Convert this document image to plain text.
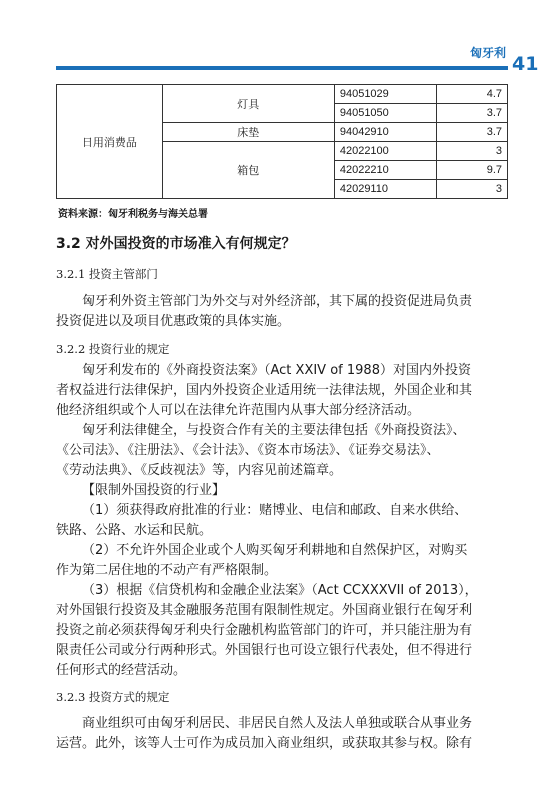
匈牙利 41
日用消费品	灯具	94051029	4.7
		94051050	3.7
	床垫	94042910	3.7
	箱包	42022100	3
		42022210	9.7
		42029110	3
资料来源：匈牙利税务与海关总署
3.2 对外国投资的市场准入有何规定？
3.2.1 投资主管部门
匈牙利外资主管部门为外交与对外经济部，其下属的投资促进局负责
投资促进以及项目优惠政策的具体实施。
3.2.2 投资行业的规定
匈牙利发布的《外商投资法案》（Act XXIV of 1988）对国内外投资
者权益进行法律保护，国内外投资企业适用统一法律法规，外国企业和其
他经济组织或个人可以在法律允许范围内从事大部分经济活动。
匈牙利法律健全，与投资合作有关的主要法律包括《外商投资法》、
《公司法》、《注册法》、《会计法》、《资本市场法》、《证券交易法》、
《劳动法典》、《反歧视法》等，内容见前述篇章。
【限制外国投资的行业】
（1）须获得政府批准的行业：赌博业、电信和邮政、自来水供给、
铁路、公路、水运和民航。
（2）不允许外国企业或个人购买匈牙利耕地和自然保护区，对购买
作为第二居住地的不动产有严格限制。
（3）根据《信贷机构和金融企业法案》（Act CCXXXVII of 2013），
对外国银行投资及其金融服务范围有限制性规定。外国商业银行在匈牙利
投资之前必须获得匈牙利央行金融机构监管部门的许可，并只能注册为有
限责任公司或分行两种形式。外国银行也可设立银行代表处，但不得进行
任何形式的经营活动。
3.2.3 投资方式的规定
商业组织可由匈牙利居民、非居民自然人及法人单独或联合从事业务
运营。此外，该等人士可作为成员加入商业组织，或获取其参与权。除有
